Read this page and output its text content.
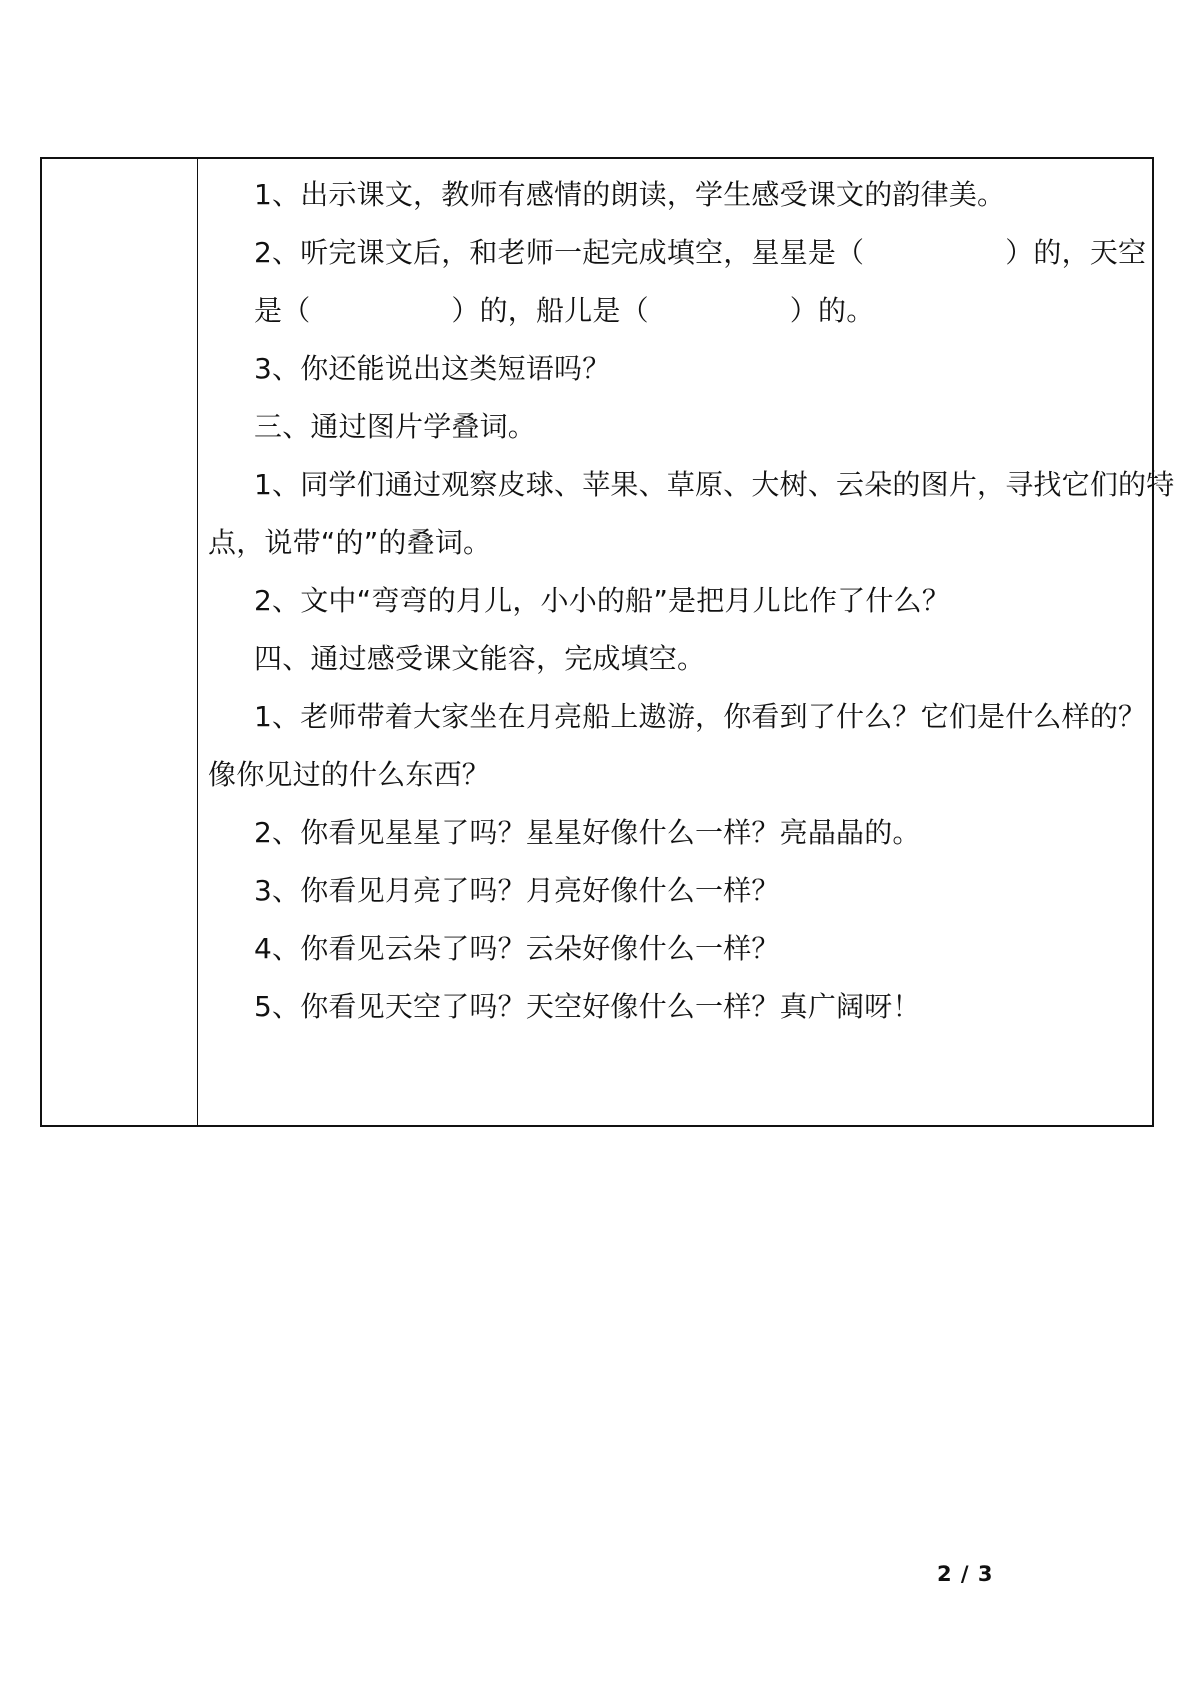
1、出示课文，教师有感情的朗读，学生感受课文的韵律美。
2、听完课文后，和老师一起完成填空，星星是（　　　　　）的，天空
是（　　　　　）的，船儿是（　　　　　）的。
3、你还能说出这类短语吗？
三、通过图片学叠词。
1、同学们通过观察皮球、苹果、草原、大树、云朵的图片，寻找它们的特
点，说带“的”的叠词。
2、文中“弯弯的月儿，小小的船”是把月儿比作了什么？
四、通过感受课文能容，完成填空。
1、老师带着大家坐在月亮船上遨游，你看到了什么？它们是什么样的？
像你见过的什么东西？
2、你看见星星了吗？星星好像什么一样？亮晶晶的。
3、你看见月亮了吗？月亮好像什么一样？
4、你看见云朵了吗？云朵好像什么一样？
5、你看见天空了吗？天空好像什么一样？真广阔呀！
2 / 3
